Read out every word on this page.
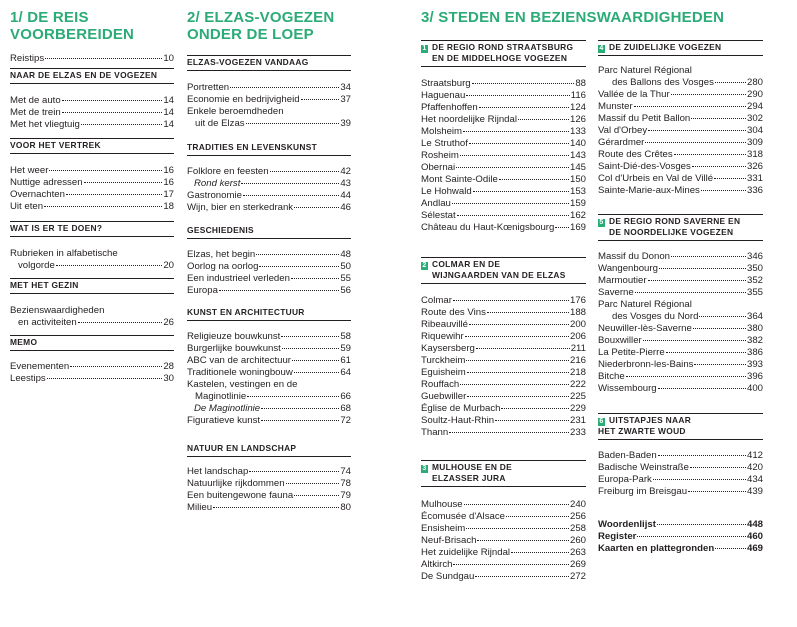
1/ DE REIS
VOORBEREIDEN
Reistips	10
NAAR DE ELZAS EN DE VOGEZEN
Met de auto	14
Met de trein	14
Met het vliegtuig	14
VOOR HET VERTREK
Het weer	16
Nuttige adressen	16
Overnachten	17
Uit eten	18
WAT IS ER TE DOEN?
Rubrieken in alfabetische
volgorde	20
MET HET GEZIN
Bezienswaardigheden
en activiteiten	26
MEMO
Evenementen	28
Leestips	30
2/ ELZAS-VOGEZEN
ONDER DE LOEP
ELZAS-VOGEZEN VANDAAG
Portretten	34
Economie en bedrijvigheid	37
Enkele beroemdheden
uit de Elzas	39
TRADITIES EN LEVENSKUNST
Folklore en feesten	42
Rond kerst	43
Gastronomie	44
Wijn, bier en sterkedrank	46
GESCHIEDENIS
Elzas, het begin	48
Oorlog na oorlog	50
Een industrieel verleden	55
Europa	56
KUNST EN ARCHITECTUUR
Religieuze bouwkunst	58
Burgerlijke bouwkunst	59
ABC van de architectuur	61
Traditionele woningbouw	64
Kastelen, vestingen en de
Maginotlinie	66
De Maginotlinie	68
Figuratieve kunst	72
NATUUR EN LANDSCHAP
Het landschap	74
Natuurlijke rijkdommen	78
Een buitengewone fauna	79
Milieu	80
3/ STEDEN EN BEZIENSWAARDIGHEDEN
1 DE REGIO ROND STRAATSBURG
EN DE MIDDELHOGE VOGEZEN
Straatsburg	88
Haguenau	116
Pfaffenhoffen	124
Het noordelijke Rijndal	126
Molsheim	133
Le Struthof	140
Rosheim	143
Obernai	145
Mont Sainte-Odile	150
Le Hohwald	153
Andlau	159
Sélestat	162
Château du Haut-Kœnigsbourg 169
2 COLMAR EN DE
WIJNGAARDEN VAN DE ELZAS
Colmar	176
Route des Vins	188
Ribeauvillé	200
Riquewihr	206
Kaysersberg	211
Turckheim	216
Eguisheim	218
Rouffach	222
Guebwiller	225
Église de Murbach	229
Soultz-Haut-Rhin	231
Thann	233
3 MULHOUSE EN DE
ELZASSER JURA
Mulhouse	240
Écomusée d'Alsace	256
Ensisheim	258
Neuf-Brisach	260
Het zuidelijke Rijndal	263
Altkirch	269
De Sundgau	272
4 DE ZUIDELIJKE VOGEZEN
Parc Naturel Régional
des Ballons des Vosges	280
Vallée de la Thur	290
Munster	294
Massif du Petit Ballon	302
Val d'Orbey	304
Gérardmer	309
Route des Crêtes	318
Saint-Dié-des-Vosges	326
Col d'Urbeis en Val de Villé	331
Sainte-Marie-aux-Mines	336
5 DE REGIO ROND SAVERNE EN
DE NOORDELIJKE VOGEZEN
Massif du Donon	346
Wangenbourg	350
Marmoutier	352
Saverne	355
Parc Naturel Régional
des Vosges du Nord	364
Neuwiller-lès-Saverne	380
Bouxwiller	382
La Petite-Pierre	386
Niederbronn-les-Bains	393
Bitche	396
Wissembourg	400
6 UITSTAPJES NAAR
HET ZWARTE WOUD
Baden-Baden	412
Badische Weinstraße	420
Europa-Park	434
Freiburg im Breisgau	439
Woordenlijst	448
Register	460
Kaarten en plattegronden	469
